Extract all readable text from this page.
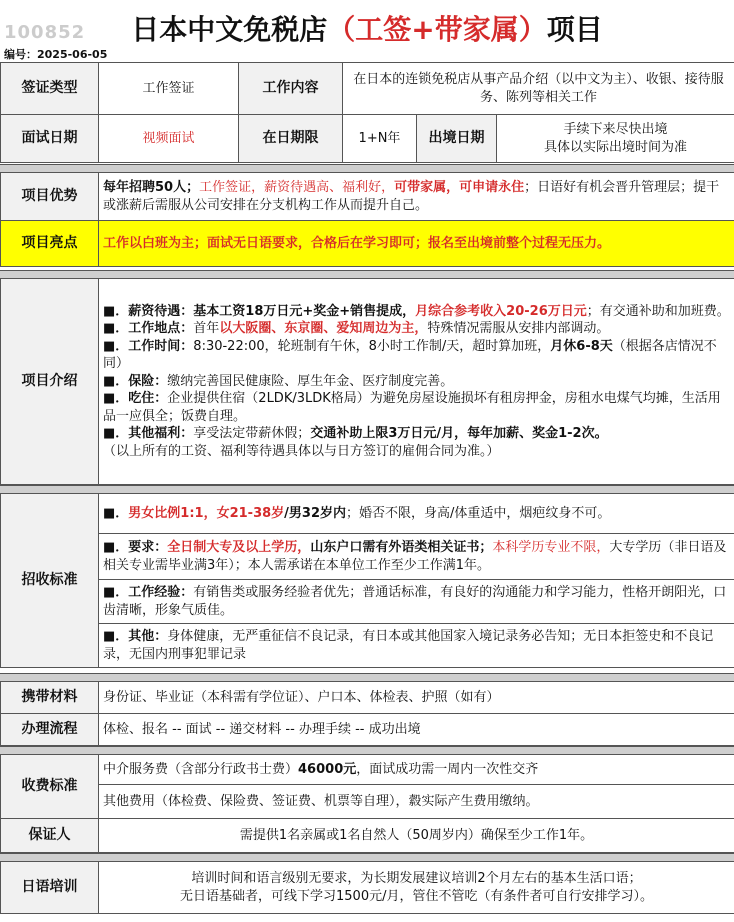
100852	日本中文免税店（工签+带家属）项目
编号：2025-06-05
签证类型	工作签证	工作内容	在日本的连锁免税店从事产品介绍（以中文为主）、收银、接待服务、陈列等相关工作		
面试日期	视频面试	在日期限	1+N年	出境日期	手续下来尽快出境
具体以实际出境时间为准
项目优势	每年招聘50人；工作签证，薪资待遇高、福利好，可带家属，可申请永住；日语好有机会晋升管理层；提干或涨薪后需服从公司安排在分支机构工作从而提升自己。
项目亮点	工作以白班为主；面试无日语要求，合格后在学习即可；报名至出境前整个过程无压力。
项目介绍	

■．薪资待遇：基本工资18万日元+奖金+销售提成，月综合参考收入20-26万日元；有交通补助和加班费。

■．工作地点：首年以大阪圈、东京圈、爱知周边为主，特殊情况需服从安排内部调动。

■．工作时间：8:30-22:00，轮班制有午休，8小时工作制/天，超时算加班，月休6-8天（根据各店情况不同）

■．保险：缴纳完善国民健康险、厚生年金、医疗制度完善。

■．吃住：企业提供住宿（2LDK/3LDK格局）为避免房屋设施损坏有租房押金，房租水电煤气均摊，生活用品一应俱全；饭费自理。

■．其他福利：享受法定带薪休假；交通补助上限3万日元/月，每年加薪、奖金1-2次。

（以上所有的工资、福利等待遇具体以与日方签订的雇佣合同为准。）

招收标准	■．男女比例1:1，女21-38岁/男32岁内；婚否不限，身高/体重适中，烟疤纹身不可。
■．要求：全日制大专及以上学历，山东户口需有外语类相关证书；本科学历专业不限，大专学历（非日语及相关专业需毕业满3年）；本人需承诺在本单位工作至少工作满1年。
■．工作经验：有销售类或服务经验者优先；普通话标准，有良好的沟通能力和学习能力，性格开朗阳光，口齿清晰，形象气质佳。
■．其他：身体健康，无严重征信不良记录，有日本或其他国家入境记录务必告知；无日本拒签史和不良记录，无国内刑事犯罪记录
携带材料	身份证、毕业证（本科需有学位证）、户口本、体检表、护照（如有）
办理流程	体检、报名 -- 面试 -- 递交材料 -- 办理手续 -- 成功出境
收费标准	中介服务费（含部分行政书士费）46000元，面试成功需一周内一次性交齐
	其他费用（体检费、保险费、签证费、机票等自理），縠实际产生费用缴纳。
保证人	需提供1名亲属或1名自然人（50周岁内）确保至少工作1年。
日语培训	
培训时间和语言级别无要求，为长期发展建议培训2个月左右的基本生活口语；
无日语基础者，可线下学习1500元/月，管住不管吃（有条件者可自行安排学习）。
